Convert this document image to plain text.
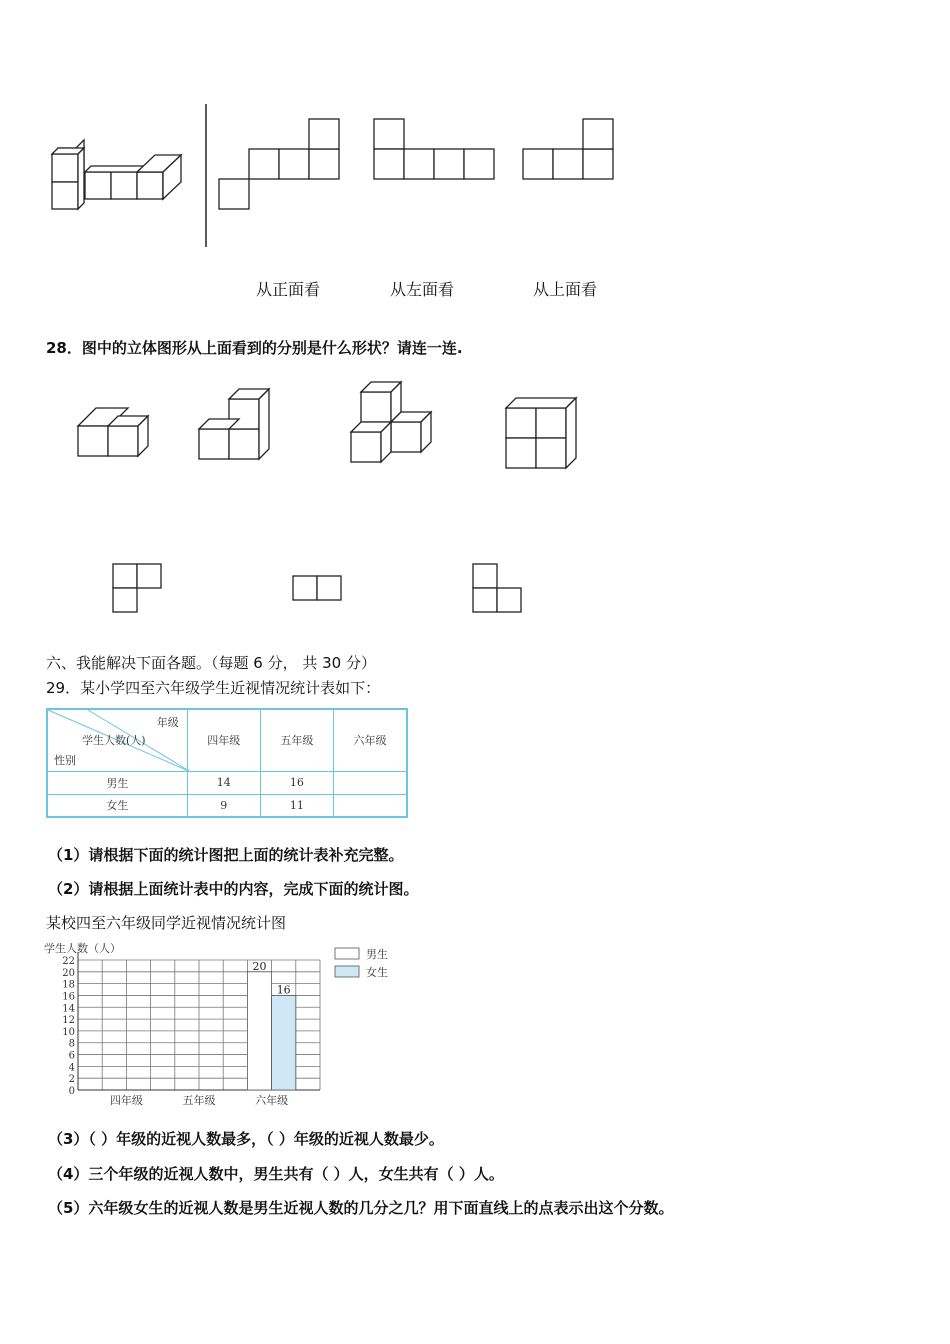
从正面看	从左面看	从上面看
28．图中的立体图形从上面看到的分别是什么形状？请连一连.
六、我能解决下面各题。（每题 6 分， 共 30 分）
29．某小学四至六年级学生近视情况统计表如下：
年级
学生人数(人)
性别	四年级	五年级	六年级
男生	14	16	
女生	9	11	
（1）请根据下面的统计图把上面的统计表补充完整。
（2）请根据上面统计表中的内容，完成下面的统计图。
某校四至六年级同学近视情况统计图
学生人数（人）
0
2
4
6
8
10
12
14
16
18
20
22
四年级	五年级	六年级
20
16
男生
女生
（3）（ ）年级的近视人数最多，（ ）年级的近视人数最少。
（4）三个年级的近视人数中，男生共有（ ）人，女生共有（ ）人。
（5）六年级女生的近视人数是男生近视人数的几分之几？用下面直线上的点表示出这个分数。
